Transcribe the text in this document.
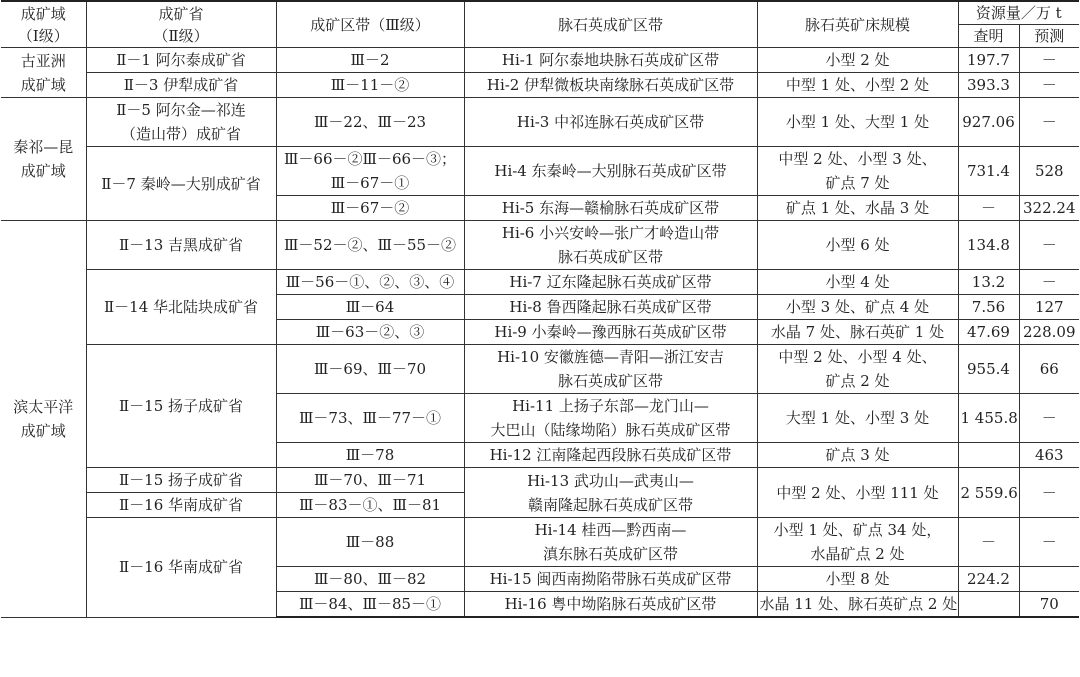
成矿域
（Ⅰ级）	成矿省
（Ⅱ级）	成矿区带（Ⅲ级）	脉石英成矿区带	脉石英矿床规模	资源量／万 t	
					查明	预测

古亚洲
成矿域	Ⅱ－1 阿尔泰成矿省	Ⅲ－2	Hi-1 阿尔泰地块脉石英成矿区带	小型 2 处	197.7	－

	Ⅱ－3 伊犁成矿省	Ⅲ－11－②	Hi-2 伊犁微板块南缘脉石英成矿区带	中型 1 处、小型 2 处	393.3	－

秦祁—昆
成矿域	Ⅱ－5 阿尔金—祁连
（造山带）成矿省	Ⅲ－22、Ⅲ－23	Hi-3 中祁连脉石英成矿区带	小型 1 处、大型 1 处	927.06	－

	Ⅱ－7 秦岭—大别成矿省	Ⅲ－66－②Ⅲ－66－③；
Ⅲ－67－①	Hi-4 东秦岭—大别脉石英成矿区带	中型 2 处、小型 3 处、
矿点 7 处	731.4	528

		Ⅲ－67－②	Hi-5 东海—赣榆脉石英成矿区带	矿点 1 处、水晶 3 处	－	322.24

滨太平洋
成矿域	Ⅱ－13 吉黑成矿省	Ⅲ－52－②、Ⅲ－55－②	Hi-6 小兴安岭—张广才岭造山带
脉石英成矿区带	小型 6 处	134.8	－

	Ⅱ－14 华北陆块成矿省	Ⅲ－56－①、②、③、④	Hi-7 辽东隆起脉石英成矿区带	小型 4 处	13.2	－

		Ⅲ－64	Hi-8 鲁西隆起脉石英成矿区带	小型 3 处、矿点 4 处	7.56	127

		Ⅲ－63－②、③	Hi-9 小秦岭—豫西脉石英成矿区带	水晶 7 处、脉石英矿 1 处	47.69	228.09

	Ⅱ－15 扬子成矿省	Ⅲ－69、Ⅲ－70	Hi-10 安徽旌德—青阳—浙江安吉
脉石英成矿区带	中型 2 处、小型 4 处、
矿点 2 处	955.4	66

		Ⅲ－73、Ⅲ－77－①	Hi-11 上扬子东部—龙门山—
大巴山（陆缘坳陷）脉石英成矿区带	大型 1 处、小型 3 处	1 455.8	－

		Ⅲ－78	Hi-12 江南隆起西段脉石英成矿区带	矿点 3 处		463

	Ⅱ－15 扬子成矿省	Ⅲ－70、Ⅲ－71	Hi-13 武功山—武夷山—
赣南隆起脉石英成矿区带	中型 2 处、小型 111 处	2 559.6	－

	Ⅱ－16 华南成矿省	Ⅲ－83－①、Ⅲ－81				

	Ⅱ－16 华南成矿省	Ⅲ－88	Hi-14 桂西—黔西南—
滇东脉石英成矿区带	小型 1 处、矿点 34 处，
水晶矿点 2 处	－	－

		Ⅲ－80、Ⅲ－82	Hi-15 闽西南拗陷带脉石英成矿区带	小型 8 处	224.2	

		Ⅲ－84、Ⅲ－85－①	Hi-16 粤中坳陷脉石英成矿区带	水晶 11 处、脉石英矿点 2 处		70
